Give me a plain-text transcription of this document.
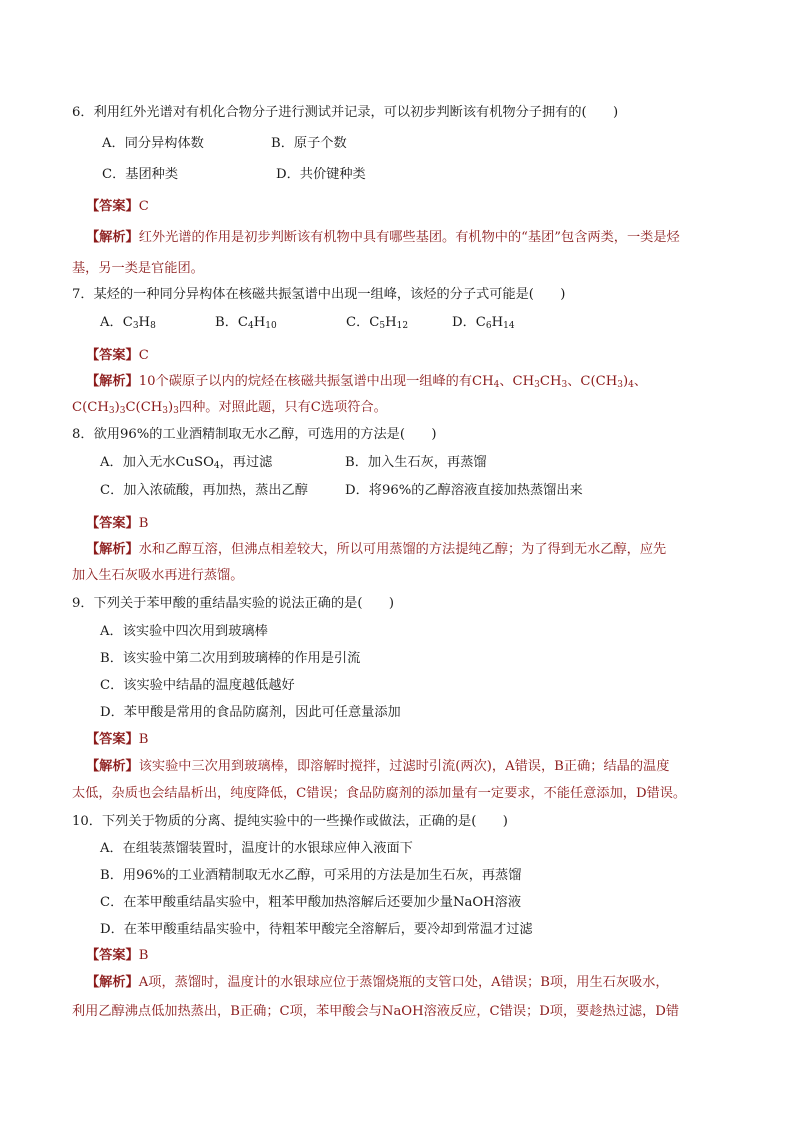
6．利用红外光谱对有机化合物分子进行测试并记录，可以初步判断该有机物分子拥有的(　　)
A．同分异构体数	B．原子个数
C．基团种类	D．共价键种类
【答案】C
【解析】红外光谱的作用是初步判断该有机物中具有哪些基团。有机物中的“基团”包含两类，一类是烃
基，另一类是官能团。
7．某烃的一种同分异构体在核磁共振氢谱中出现一组峰，该烃的分子式可能是(　　)
A．$C_3H_8$	B．$C_4H_{10}$	C．$C_5H_{12}$	D．$C_6H_{14}$
【答案】C
【解析】10个碳原子以内的烷烃在核磁共振氢谱中出现一组峰的有$CH_4$、$CH_3CH_3$、$C(CH_3)_4$、
$C(CH_3)_3C(CH_3)_3$四种。对照此题，只有C选项符合。
8．欲用96%的工业酒精制取无水乙醇，可选用的方法是(　　)
A．加入无水CuSO$_4$，再过滤	B．加入生石灰，再蒸馏
C．加入浓硫酸，再加热，蒸出乙醇	D．将96%的乙醇溶液直接加热蒸馏出来
【答案】B
【解析】水和乙醇互溶，但沸点相差较大，所以可用蒸馏的方法提纯乙醇；为了得到无水乙醇，应先
加入生石灰吸水再进行蒸馏。
9．下列关于苯甲酸的重结晶实验的说法正确的是(　　)
A．该实验中四次用到玻璃棒
B．该实验中第二次用到玻璃棒的作用是引流
C．该实验中结晶的温度越低越好
D．苯甲酸是常用的食品防腐剂，因此可任意量添加
【答案】B
【解析】该实验中三次用到玻璃棒，即溶解时搅拌，过滤时引流(两次)，A错误，B正确；结晶的温度
太低，杂质也会结晶析出，纯度降低，C错误；食品防腐剂的添加量有一定要求，不能任意添加，D错误。
10．下列关于物质的分离、提纯实验中的一些操作或做法，正确的是(　　)
A．在组装蒸馏装置时，温度计的水银球应伸入液面下
B．用96%的工业酒精制取无水乙醇，可采用的方法是加生石灰，再蒸馏
C．在苯甲酸重结晶实验中，粗苯甲酸加热溶解后还要加少量NaOH溶液
D．在苯甲酸重结晶实验中，待粗苯甲酸完全溶解后，要冷却到常温才过滤
【答案】B
【解析】A项，蒸馏时，温度计的水银球应位于蒸馏烧瓶的支管口处，A错误；B项，用生石灰吸水，
利用乙醇沸点低加热蒸出，B正确；C项，苯甲酸会与NaOH溶液反应，C错误；D项，要趁热过滤，D错
